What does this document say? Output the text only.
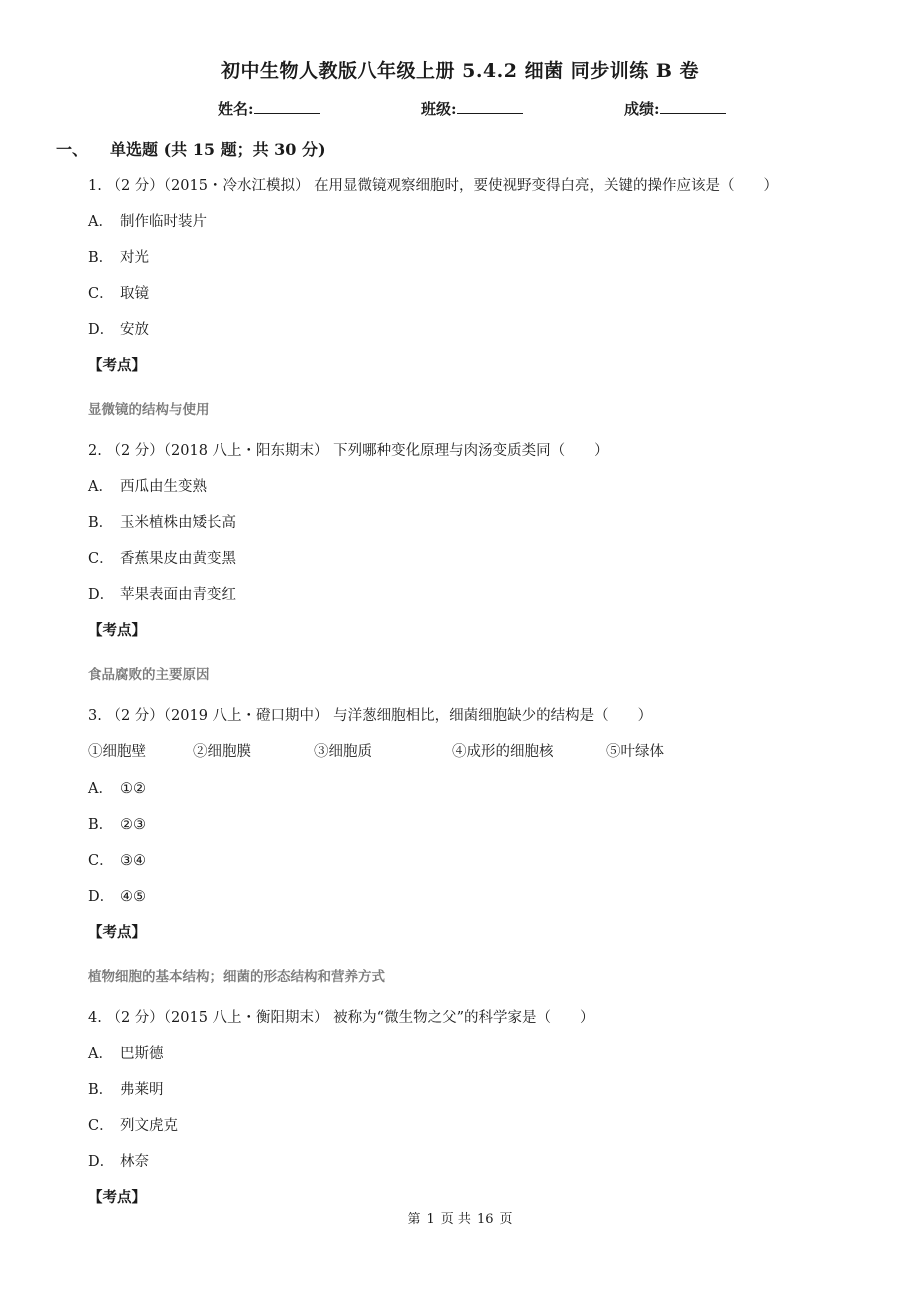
初中生物人教版八年级上册 5.4.2 细菌 同步训练 B 卷
姓名:	班级:	成绩:
一、 单选题 (共 15 题；共 30 分)
1. （2 分）（2015・冷水江模拟） 在用显微镜观察细胞时，要使视野变得白亮，关键的操作应该是（　　）
A． 制作临时装片
B． 对光
C． 取镜
D． 安放
【考点】
显微镜的结构与使用
2. （2 分）（2018 八上・阳东期末） 下列哪种变化原理与肉汤变质类同（　　）
A． 西瓜由生变熟
B． 玉米植株由矮长高
C． 香蕉果皮由黄变黑
D． 苹果表面由青变红
【考点】
食品腐败的主要原因
3. （2 分）（2019 八上・磴口期中） 与洋葱细胞相比，细菌细胞缺少的结构是（　　）
①细胞壁	②细胞膜	③细胞质	④成形的细胞核	⑤叶绿体
A． ①②
B． ②③
C． ③④
D． ④⑤
【考点】
植物细胞的基本结构；细菌的形态结构和营养方式
4. （2 分）（2015 八上・衡阳期末） 被称为“微生物之父”的科学家是（　　）
A． 巴斯德
B． 弗莱明
C． 列文虎克
D． 林奈
【考点】
第 1 页 共 16 页
